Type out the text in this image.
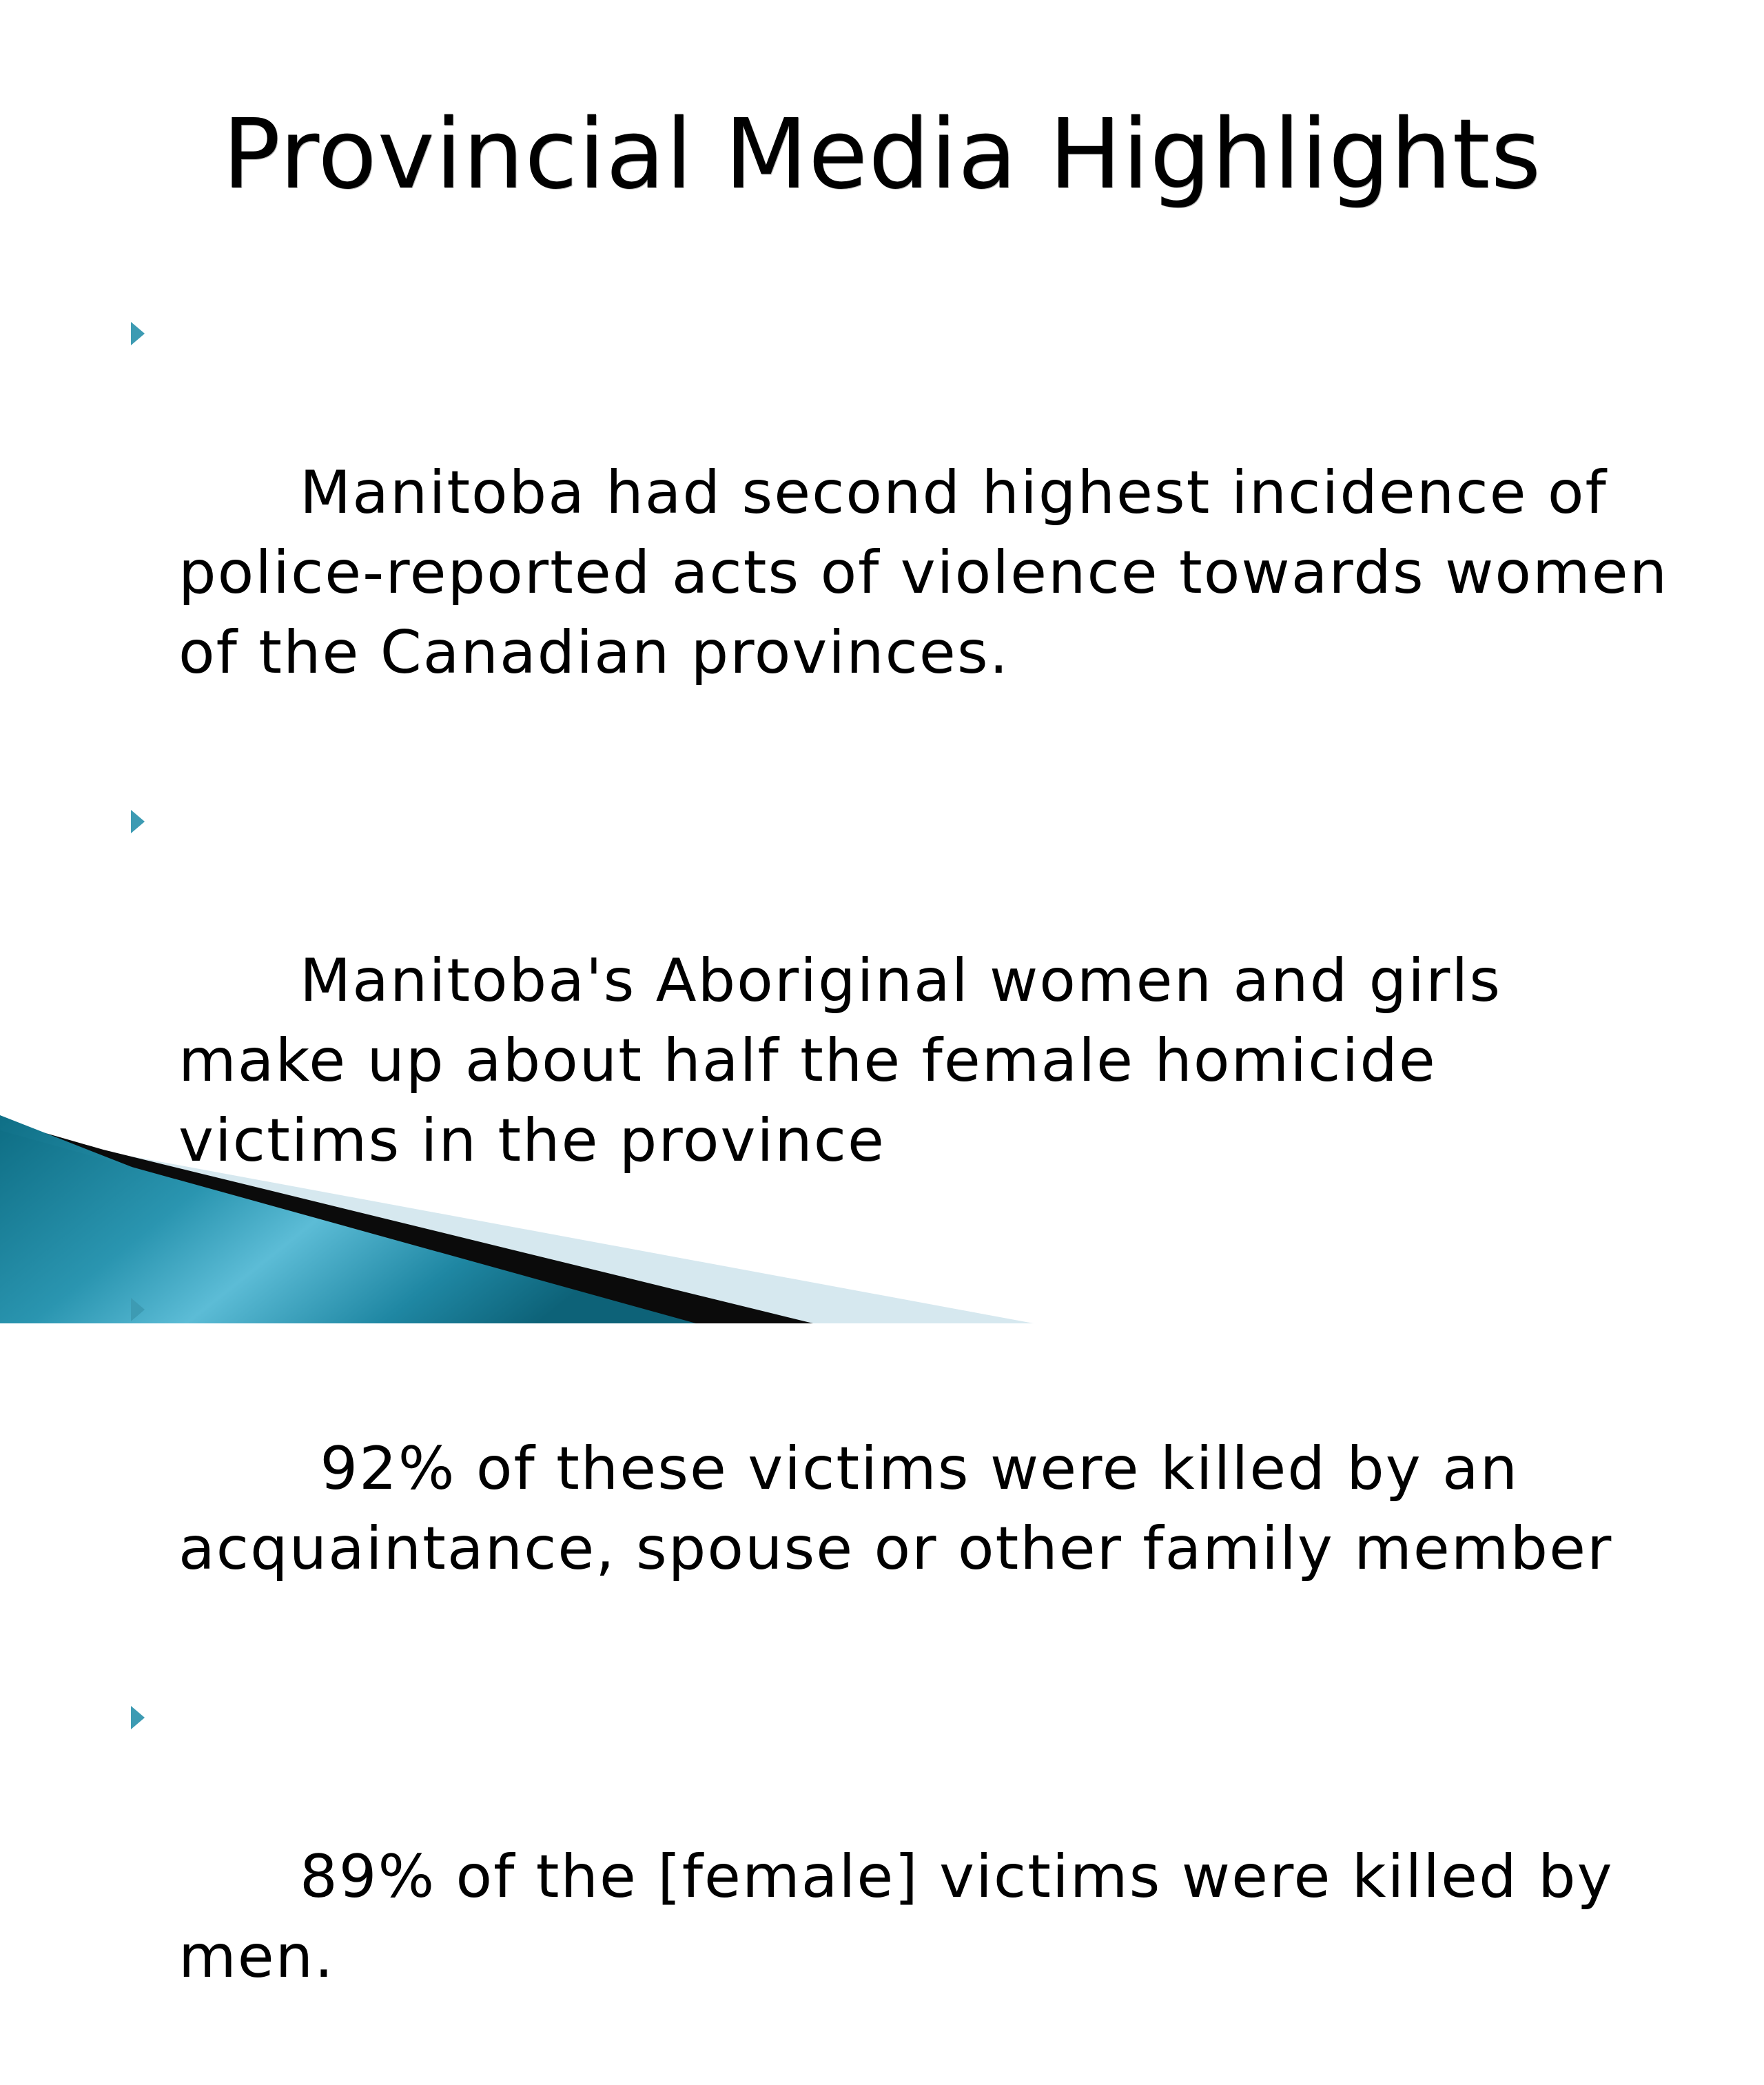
Provincial Media Highlights

Manitoba had second highest incidence of police-reported acts of violence towards women of the Canadian provinces.

Manitoba's Aboriginal women and girls make up about half the female homicide victims in the province

92% of these victims were killed by an acquaintance, spouse or other family member

89% of the [female] victims were killed by men.
